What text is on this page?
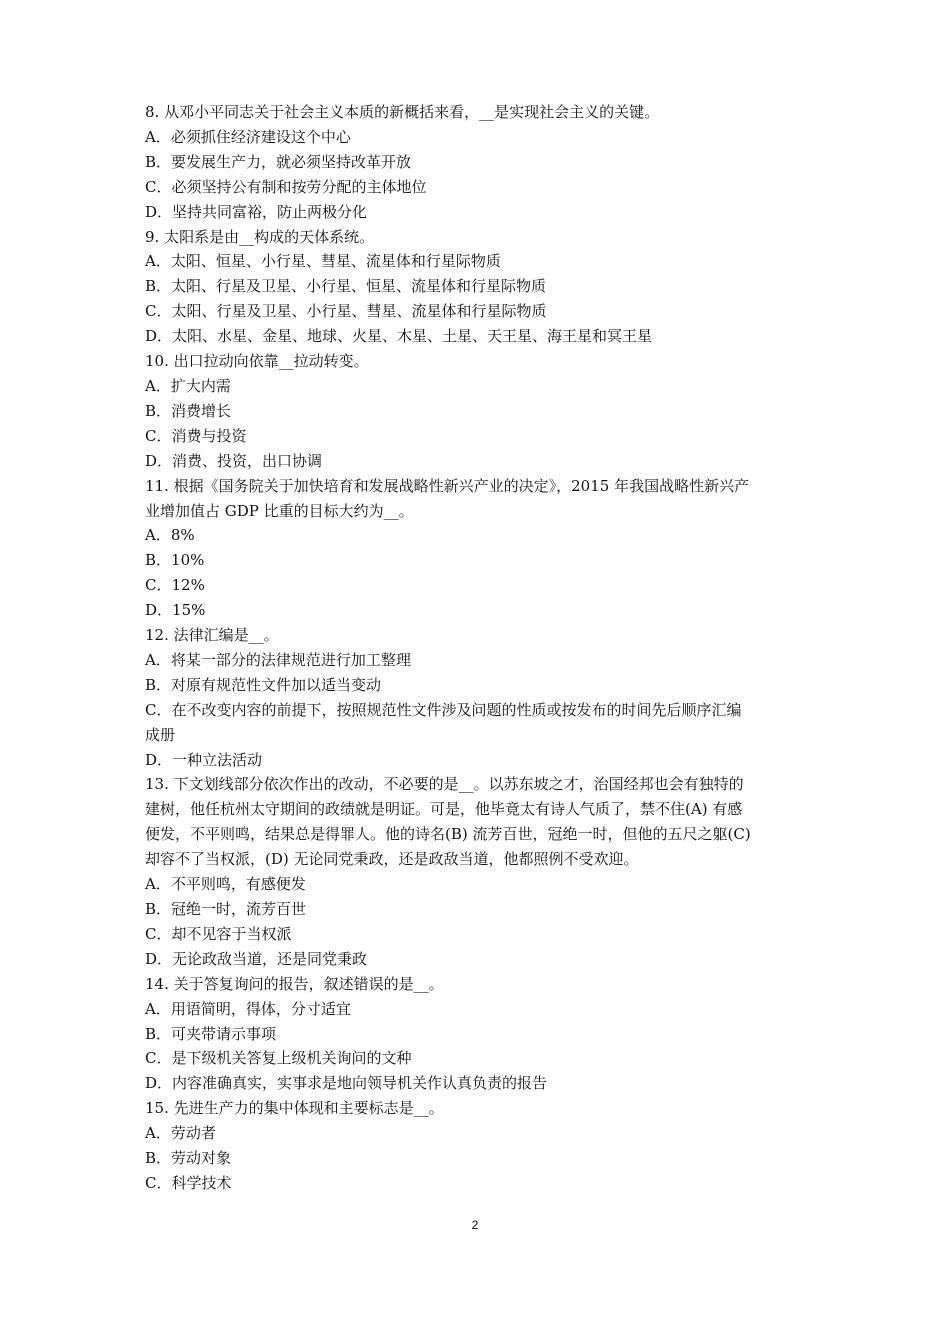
8. 从邓小平同志关于社会主义本质的新概括来看，__是实现社会主义的关键。

A．必须抓住经济建设这个中心

B．要发展生产力，就必须坚持改革开放

C．必须坚持公有制和按劳分配的主体地位

D．坚持共同富裕，防止两极分化

9. 太阳系是由__构成的天体系统。

A．太阳、恒星、小行星、彗星、流星体和行星际物质

B．太阳、行星及卫星、小行星、恒星、流星体和行星际物质

C．太阳、行星及卫星、小行星、彗星、流星体和行星际物质

D．太阳、水星、金星、地球、火星、木星、土星、天王星、海王星和冥王星

10. 出口拉动向依靠__拉动转变。

A．扩大内需

B．消费增长

C．消费与投资

D．消费、投资，出口协调

11. 根据《国务院关于加快培育和发展战略性新兴产业的决定》，2015 年我国战略性新兴产
业增加值占 GDP 比重的目标大约为__。

A．8%

B．10%

C．12%

D．15%

12. 法律汇编是__。

A．将某一部分的法律规范进行加工整理

B．对原有规范性文件加以适当变动

C．在不改变内容的前提下，按照规范性文件涉及问题的性质或按发布的时间先后顺序汇编
成册

D．一种立法活动

13. 下文划线部分依次作出的改动，不必要的是__。以苏东坡之才，治国经邦也会有独特的
建树，他任杭州太守期间的政绩就是明证。可是，他毕竟太有诗人气质了，禁不住(A) 有感
便发，不平则鸣，结果总是得罪人。他的诗名(B) 流芳百世，冠绝一时，但他的五尺之躯(C)
却容不了当权派，(D) 无论同党秉政，还是政敌当道，他都照例不受欢迎。

A．不平则鸣，有感便发

B．冠绝一时，流芳百世

C．却不见容于当权派

D．无论政敌当道，还是同党秉政

14. 关于答复询问的报告，叙述错误的是__。

A．用语简明，得体，分寸适宜

B．可夹带请示事项

C．是下级机关答复上级机关询问的文种

D．内容准确真实，实事求是地向领导机关作认真负责的报告

15. 先进生产力的集中体现和主要标志是__。

A．劳动者

B．劳动对象

C．科学技术

2
